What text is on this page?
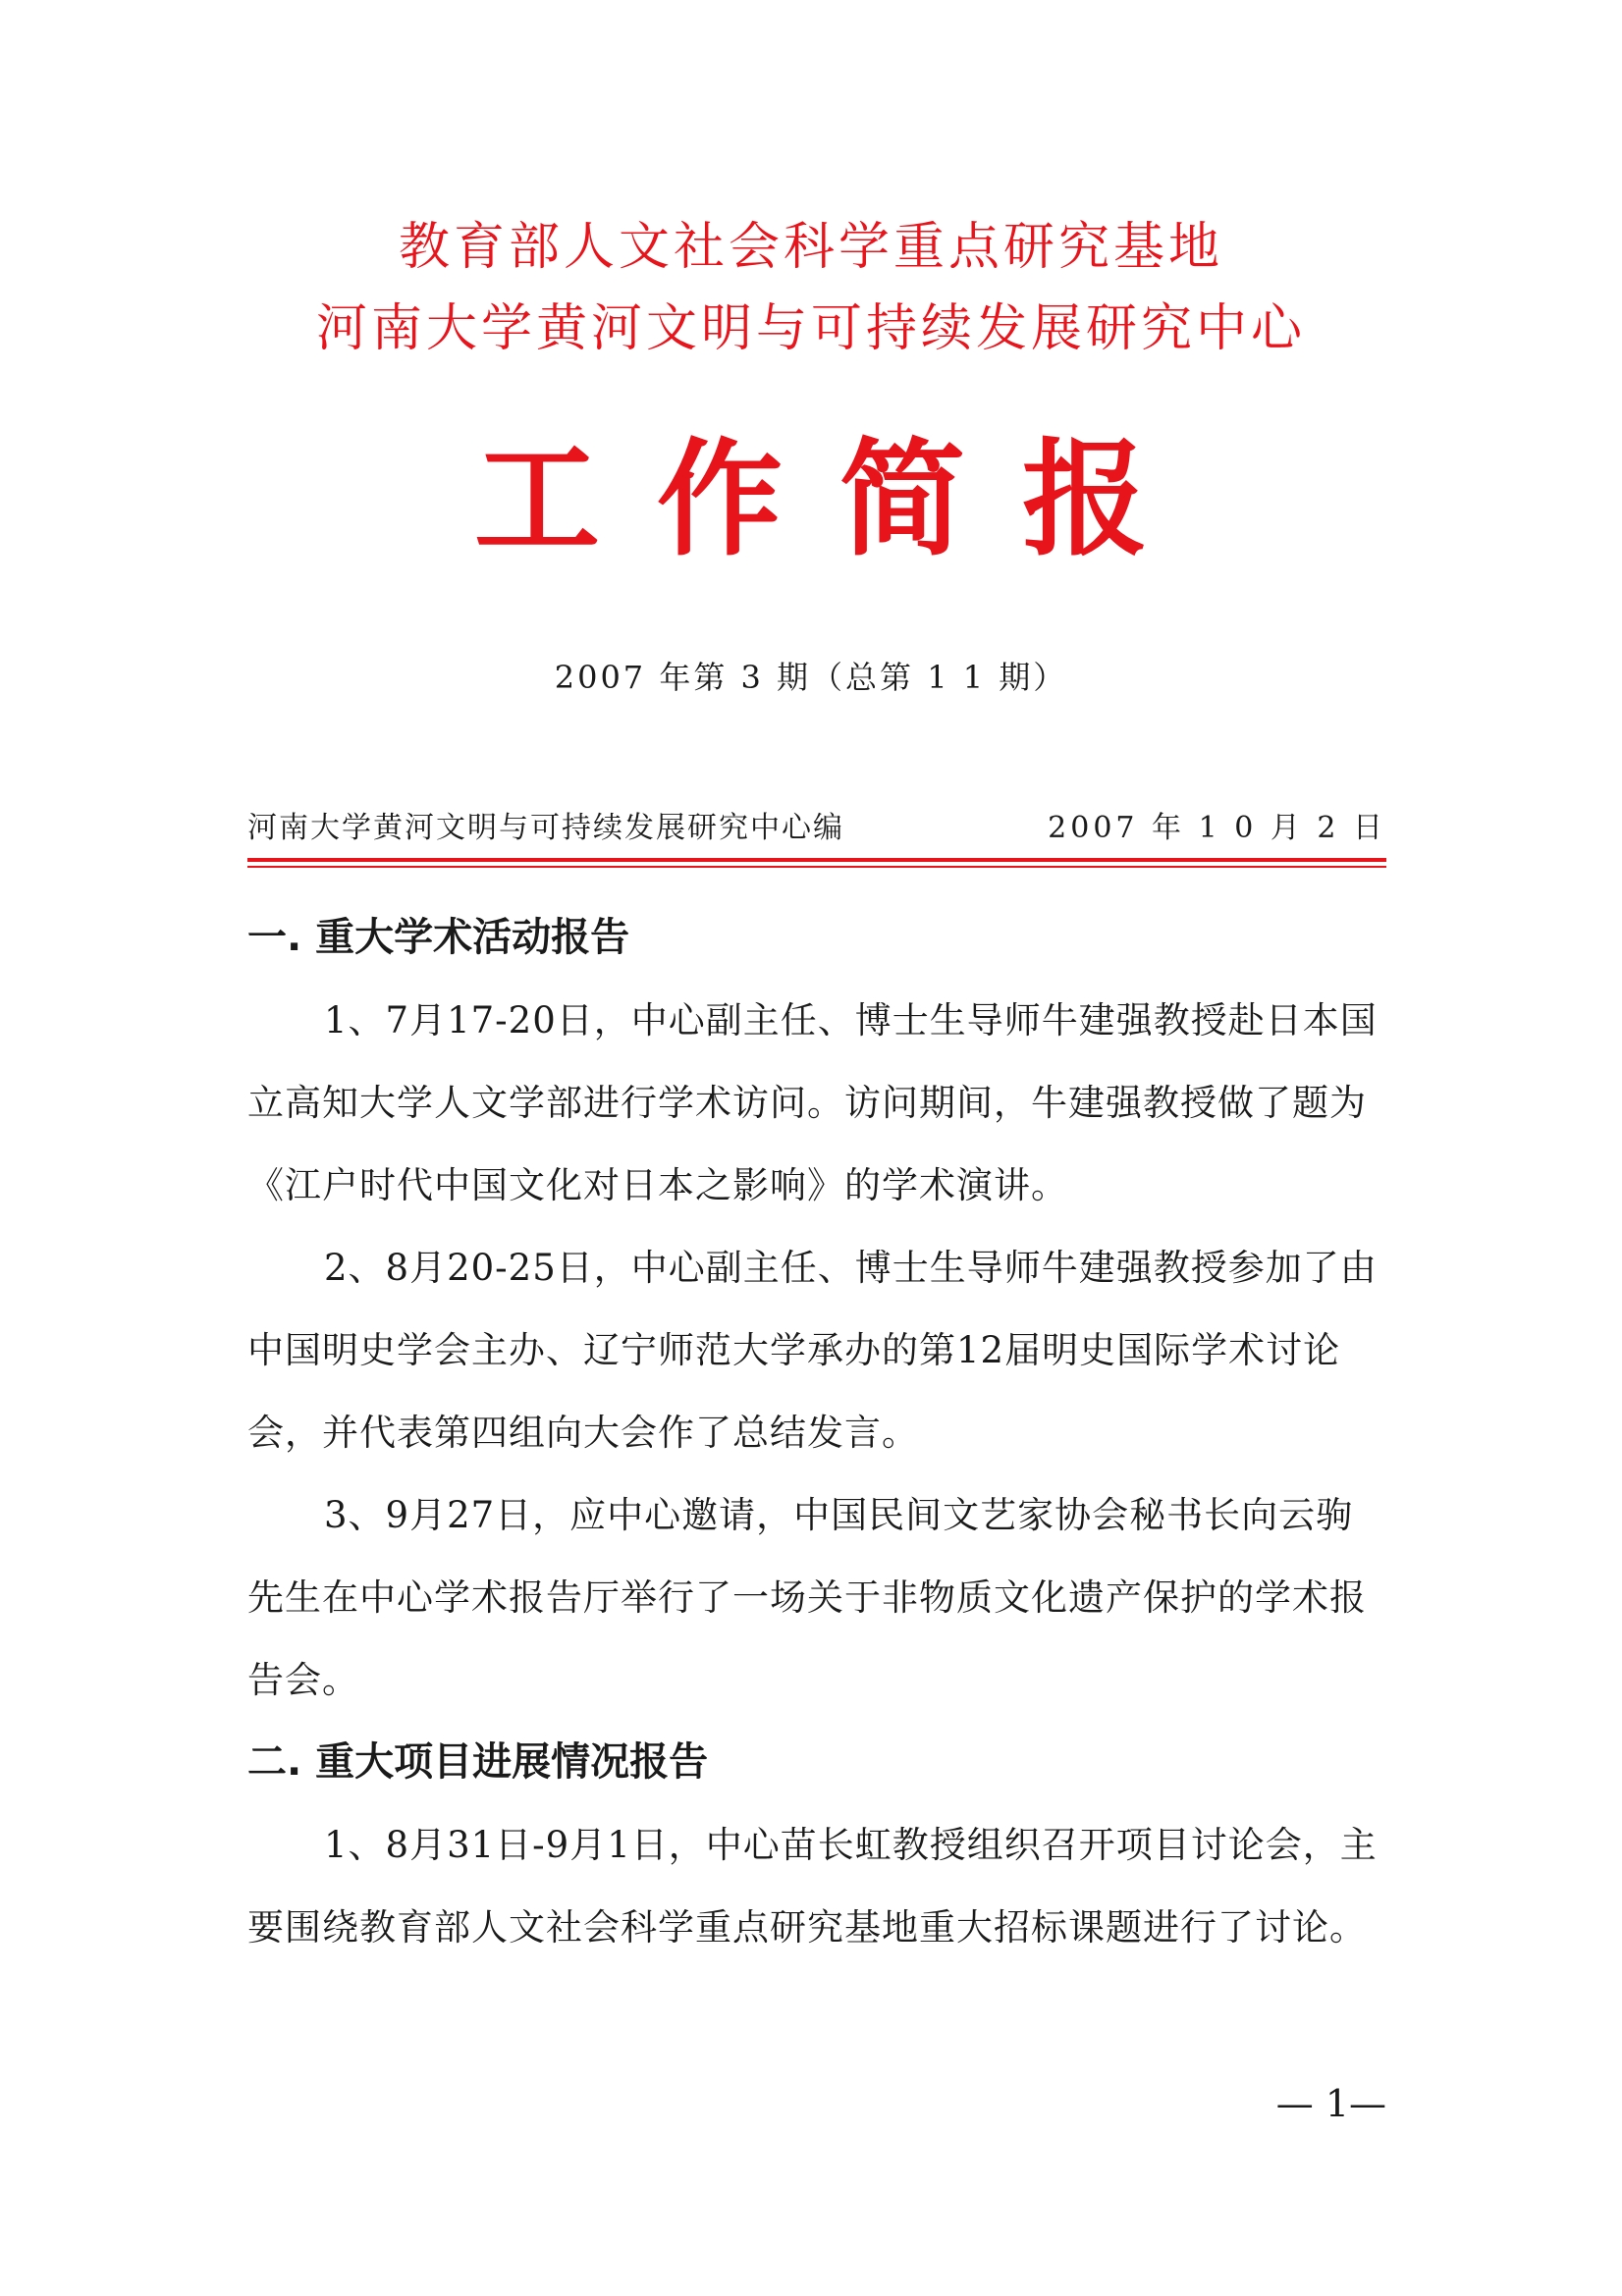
教育部人文社会科学重点研究基地
河南大学黄河文明与可持续发展研究中心
工作简报
2007 年第 3 期（总第 1 1 期）
河南大学黄河文明与可持续发展研究中心编	2007 年 1 0 月 2 日
一. 重大学术活动报告

1、7月17-20日，中心副主任、博士生导师牛建强教授赴日本国立高知大学人文学部进行学术访问。访问期间，牛建强教授做了题为《江户时代中国文化对日本之影响》的学术演讲。

2、8月20-25日，中心副主任、博士生导师牛建强教授参加了由中国明史学会主办、辽宁师范大学承办的第12届明史国际学术讨论会，并代表第四组向大会作了总结发言。

3、9月27日，应中心邀请，中国民间文艺家协会秘书长向云驹先生在中心学术报告厅举行了一场关于非物质文化遗产保护的学术报告会。

二. 重大项目进展情况报告

1、8月31日-9月1日，中心苗长虹教授组织召开项目讨论会，主要围绕教育部人文社会科学重点研究基地重大招标课题进行了讨论。

— 1—
